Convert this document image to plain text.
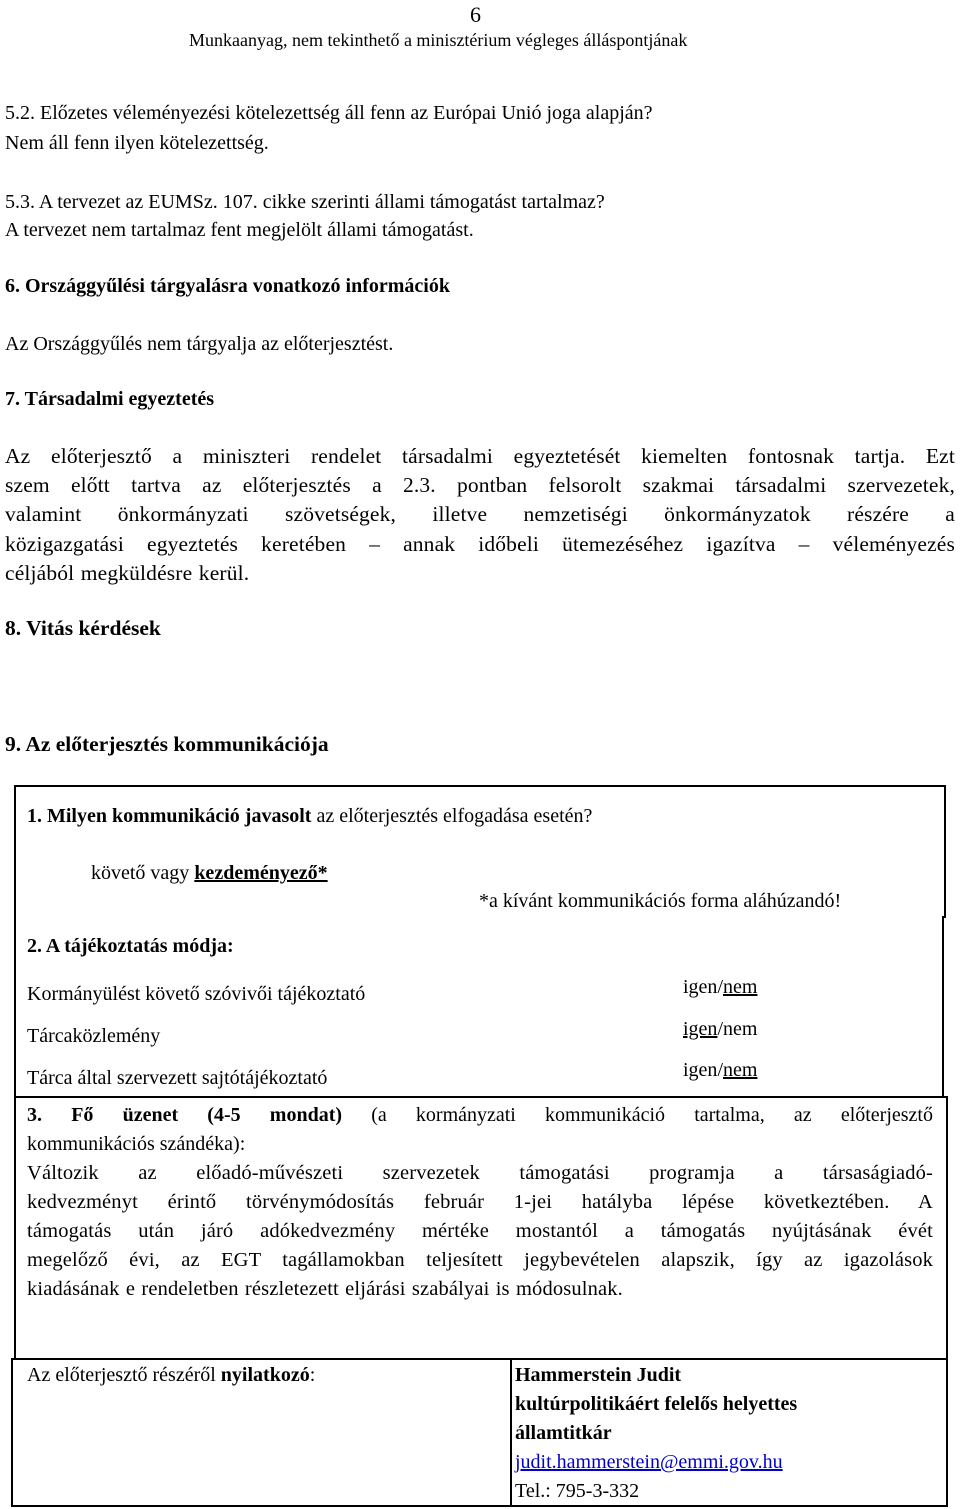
6
Munkaanyag, nem tekinthető a minisztérium végleges álláspontjának
5.2. Előzetes véleményezési kötelezettség áll fenn az Európai Unió joga alapján?
Nem áll fenn ilyen kötelezettség.
5.3. A tervezet az EUMSz. 107. cikke szerinti állami támogatást tartalmaz?
A tervezet nem tartalmaz fent megjelölt állami támogatást.
6. Országgyűlési tárgyalásra vonatkozó információk
Az Országgyűlés nem tárgyalja az előterjesztést.
7. Társadalmi egyeztetés
Az előterjesztő a miniszteri rendelet társadalmi egyeztetését kiemelten fontosnak tartja. Ezt
szem előtt tartva az előterjesztés a 2.3. pontban felsorolt szakmai társadalmi szervezetek,
valamint önkormányzati szövetségek, illetve nemzetiségi önkormányzatok részére a
közigazgatási egyeztetés keretében – annak időbeli ütemezéséhez igazítva – véleményezés
céljából megküldésre kerül.
8. Vitás kérdések
9. Az előterjesztés kommunikációja
1. Milyen kommunikáció javasolt az előterjesztés elfogadása esetén?
követő vagy kezdeményező*
*a kívánt kommunikációs forma aláhúzandó!
2. A tájékoztatás módja:
Kormányülést követő szóvivői tájékoztató	igen/nem
Tárcaközlemény	igen/nem
Tárca által szervezett sajtótájékoztató	igen/nem
3. Fő üzenet (4-5 mondat) (a kormányzati kommunikáció tartalma, az előterjesztő
kommunikációs szándéka):
Változik az előadó-művészeti szervezetek támogatási programja a társaságiadó-
kedvezményt érintő törvénymódosítás február 1-jei hatályba lépése következtében. A
támogatás után járó adókedvezmény mértéke mostantól a támogatás nyújtásának évét
megelőző évi, az EGT tagállamokban teljesített jegybevételen alapszik, így az igazolások
kiadásának e rendeletben részletezett eljárási szabályai is módosulnak.
Az előterjesztő részéről nyilatkozó:	Hammerstein Judit
kultúrpolitikáért felelős helyettes
államtitkár
judit.hammerstein@emmi.gov.hu
Tel.: 795-3-332
